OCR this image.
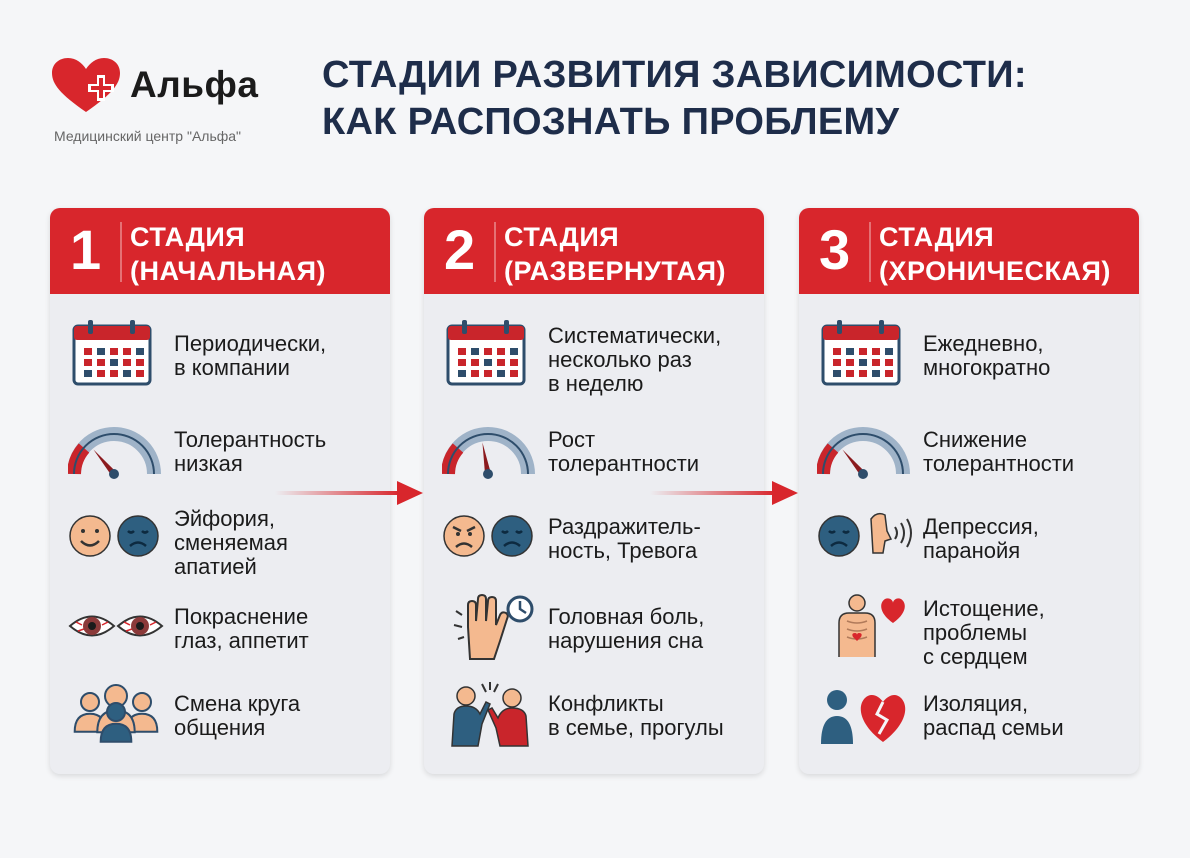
Альфа
Медицинский центр "Альфа"
СТАДИИ РАЗВИТИЯ ЗАВИСИМОСТИ:
КАК РАСПОЗНАТЬ ПРОБЛЕМУ
1 СТАДИЯ
(НАЧАЛЬНАЯ)
Периодически,
в компании
Толерантность
низкая
Эйфория,
сменяемая
апатией
Покраснение
глаз, аппетит
Смена круга
общения
2 СТАДИЯ
(РАЗВЕРНУТАЯ)
Систематически,
несколько раз
в неделю
Рост
толерантности
Раздражитель-
ность, Тревога
Головная боль,
нарушения сна
Конфликты
в семье, прогулы
3 СТАДИЯ
(ХРОНИЧЕСКАЯ)
Ежедневно,
многократно
Снижение
толерантности
Депрессия,
паранойя
Истощение,
проблемы
с сердцем
Изоляция,
распад семьи
